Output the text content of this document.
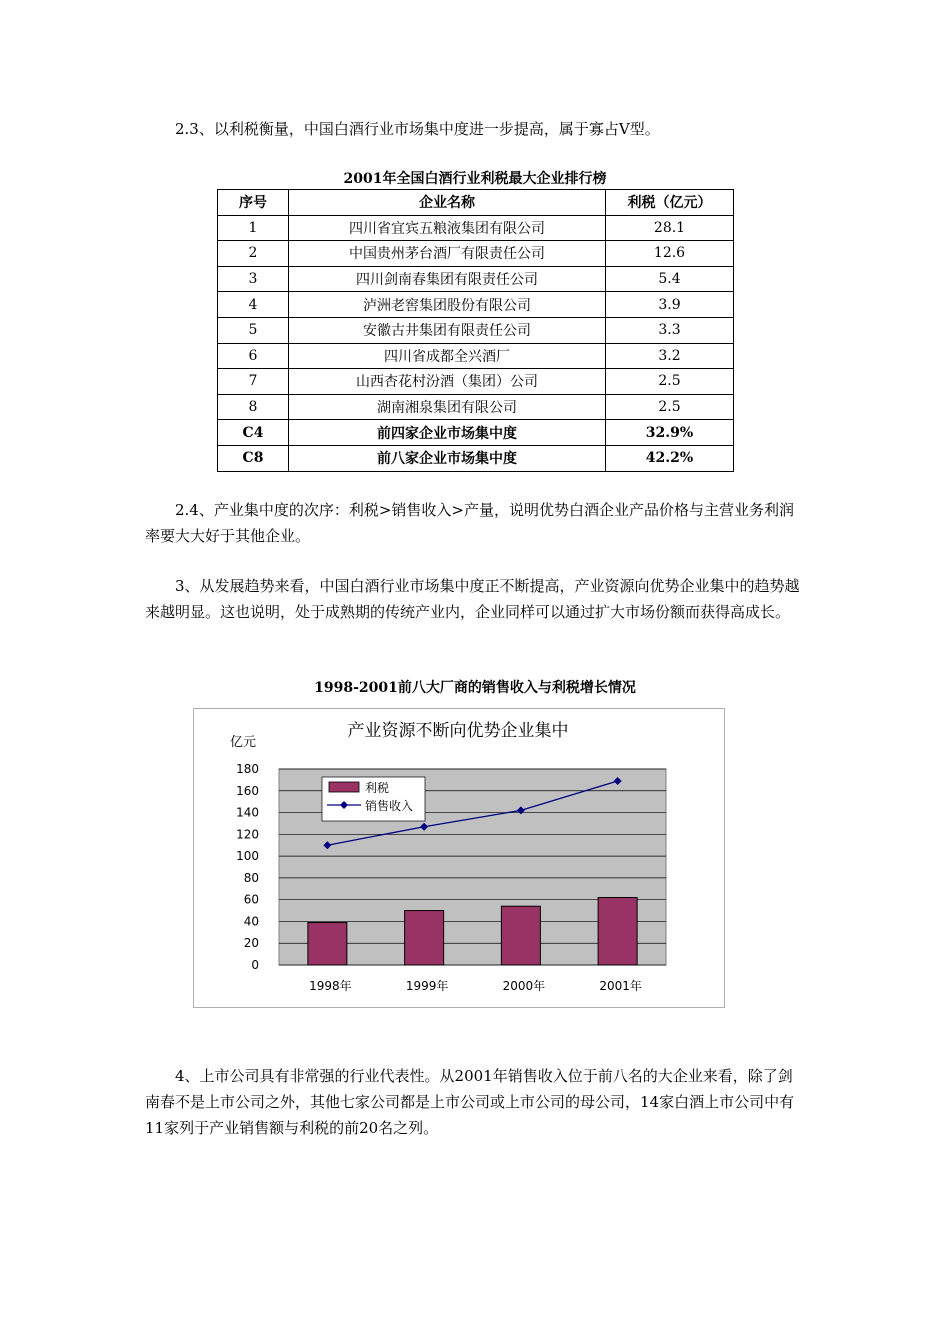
2.3、以利税衡量，中国白酒行业市场集中度进一步提高，属于寡占Ⅴ型。

2001年全国白酒行业利税最大企业排行榜

序号	企业名称	利税（亿元）
1	四川省宜宾五粮液集团有限公司	28.1
2	中国贵州茅台酒厂有限责任公司	12.6
3	四川剑南春集团有限责任公司	5.4
4	泸洲老窖集团股份有限公司	3.9
5	安徽古井集团有限责任公司	3.3
6	四川省成都全兴酒厂	3.2
7	山西杏花村汾酒（集团）公司	2.5
8	湖南湘泉集团有限公司	2.5
C4	前四家企业市场集中度	32.9%
C8	前八家企业市场集中度	42.2%

2.4、产业集中度的次序：利税>销售收入>产量，说明优势白酒企业产品价格与主营业务利润率要大大好于其他企业。

3、从发展趋势来看，中国白酒行业市场集中度正不断提高，产业资源向优势企业集中的趋势越来越明显。这也说明，处于成熟期的传统产业内，企业同样可以通过扩大市场份额而获得高成长。

1998-2001前八大厂商的销售收入与利税增长情况

产业资源不断向优势企业集中
亿元
0
20
40
60
80
100
120
140
160
180
1998年	1999年	2000年	2001年
利税
销售收入

4、上市公司具有非常强的行业代表性。从2001年销售收入位于前八名的大企业来看，除了剑南春不是上市公司之外，其他七家公司都是上市公司或上市公司的母公司，14家白酒上市公司中有11家列于产业销售额与利税的前20名之列。
